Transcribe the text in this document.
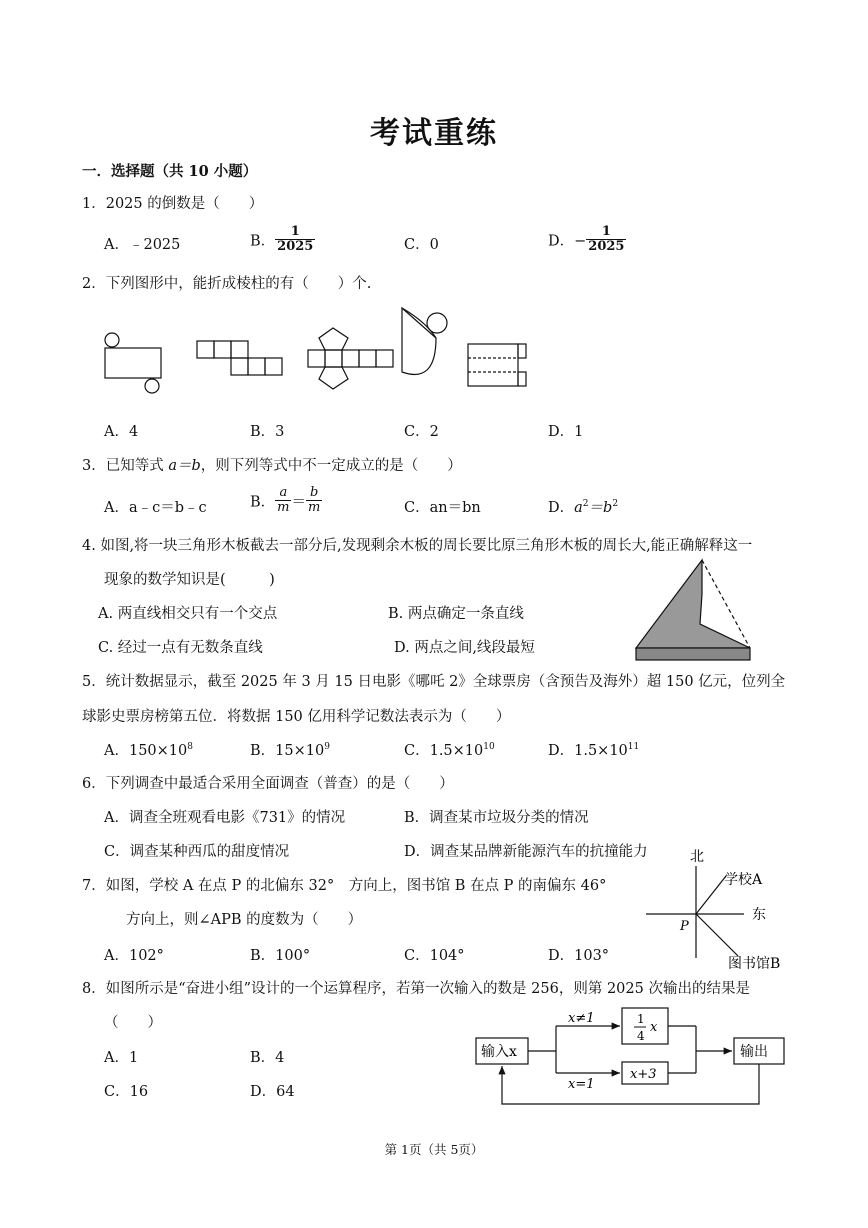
考试重练
一．选择题（共 10 小题）
1．2025 的倒数是（　　）
A．﹣2025	B． $\frac{1}{2025}$	C．0	D．− $\frac{1}{2025}$
2．下列图形中，能折成棱柱的有（　　）个.
A．4	B．3	C．2	D．1
3．已知等式 a＝b，则下列等式中不一定成立的是（　　）
A．a﹣c＝b﹣c	B． $\frac{a}{m} = \frac{b}{m}$	C．an＝bn	D．$a^2=b^2$
4. 如图,将一块三角形木板截去一部分后,发现剩余木板的周长要比原三角形木板的周长大,能正确解释这一
现象的数学知识是(　　　)
A. 两直线相交只有一个交点	B. 两点确定一条直线
C. 经过一点有无数条直线	D. 两点之间,线段最短
5．统计数据显示，截至 2025 年 3 月 15 日电影《哪吒 2》全球票房（含预告及海外）超 150 亿元，位列全
球影史票房榜第五位．将数据 150 亿用科学记数法表示为（　　）
A．$150\times 10^8$	B．$15\times 10^9$	C．$1.5\times 10^{10}$	D．$1.5\times 10^{11}$
6．下列调查中最适合采用全面调查（普查）的是（　　）
A．调查全班观看电影《731》的情况	B．调查某市垃圾分类的情况
C．调查某种西瓜的甜度情况	D．调查某品牌新能源汽车的抗撞能力
7．如图，学校 A 在点 P 的北偏东 32°　方向上，图书馆 B 在点 P 的南偏东 46°
方向上，则∠APB 的度数为（　　）
A．102°	B．100°	C．104°	D．103°
北
东
P
学校A
图书馆B
8．如图所示是“奋进小组”设计的一个运算程序，若第一次输入的数是 256，则第 2025 次输出的结果是
（　　）
A．1	B．4
C．16	D．64
输入x	输出
x≠1
x=1
1
4
x
x+3
第 1页（共 5页）
